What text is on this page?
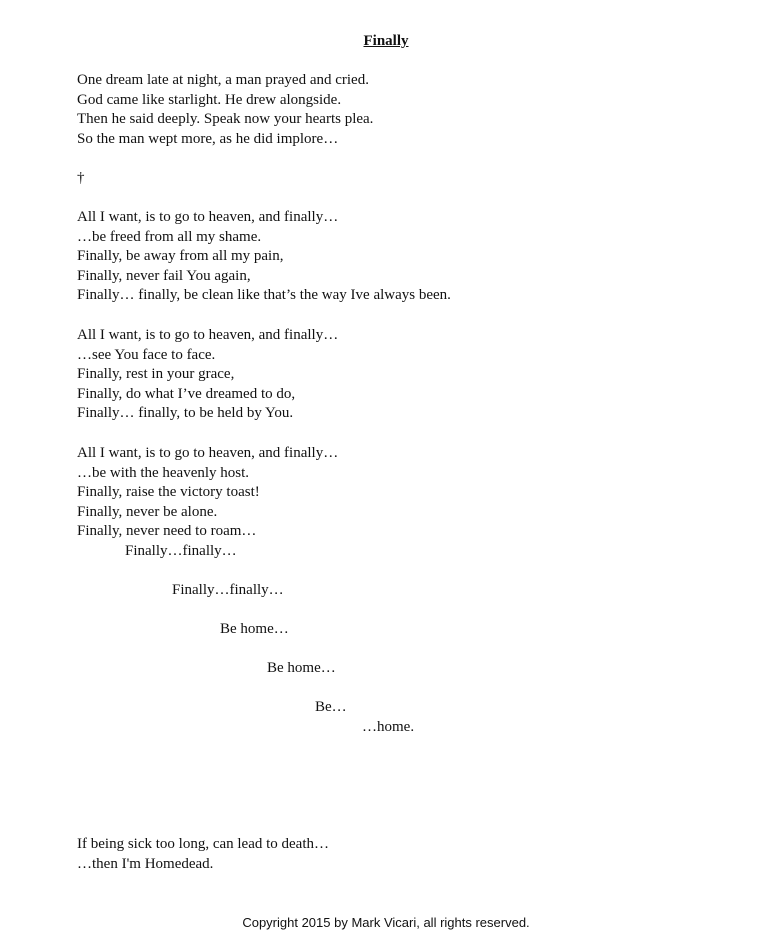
Finally
One dream late at night, a man prayed and cried.
God came like starlight. He drew alongside.
Then he said deeply. Speak now your hearts plea.
So the man wept more, as he did implore…
†
All I want, is to go to heaven, and finally…
…be freed from all my shame.
Finally, be away from all my pain,
Finally, never fail You again,
Finally… finally, be clean like that’s the way Ive always been.
All I want, is to go to heaven, and finally…
…see You face to face.
Finally, rest in your grace,
Finally, do what I’ve dreamed to do,
Finally… finally, to be held by You.
All I want, is to go to heaven, and finally…
…be with the heavenly host.
Finally, raise the victory toast!
Finally, never be alone.
Finally, never need to roam…
Finally…finally…
Finally…finally…
Be home…
Be home…
Be…
…home.
If being sick too long, can lead to death…
…then I'm Homedead.
Copyright 2015 by Mark Vicari, all rights reserved.
